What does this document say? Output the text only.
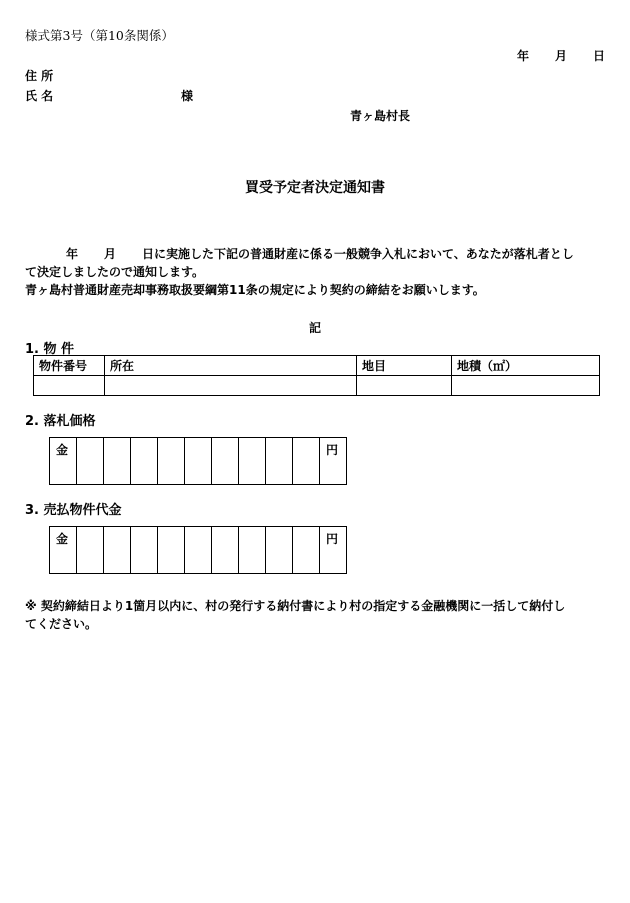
様式第3号（第10条関係）
年 月 日
住 所
氏 名	様
青ヶ島村長
買受予定者決定通知書
年 月 日に実施した下記の普通財産に係る一般競争入札において、あなたが落札者とし
て決定しましたので通知します。
青ヶ島村普通財産売却事務取扱要綱第11条の規定により契約の締結をお願いします。
記
1. 物 件
物件番号	所在	地目	地積（㎡）

2. 落札価格
金										円
3. 売払物件代金
金										円
※ 契約締結日より1箇月以内に、村の発行する納付書により村の指定する金融機関に一括して納付し
てください。
